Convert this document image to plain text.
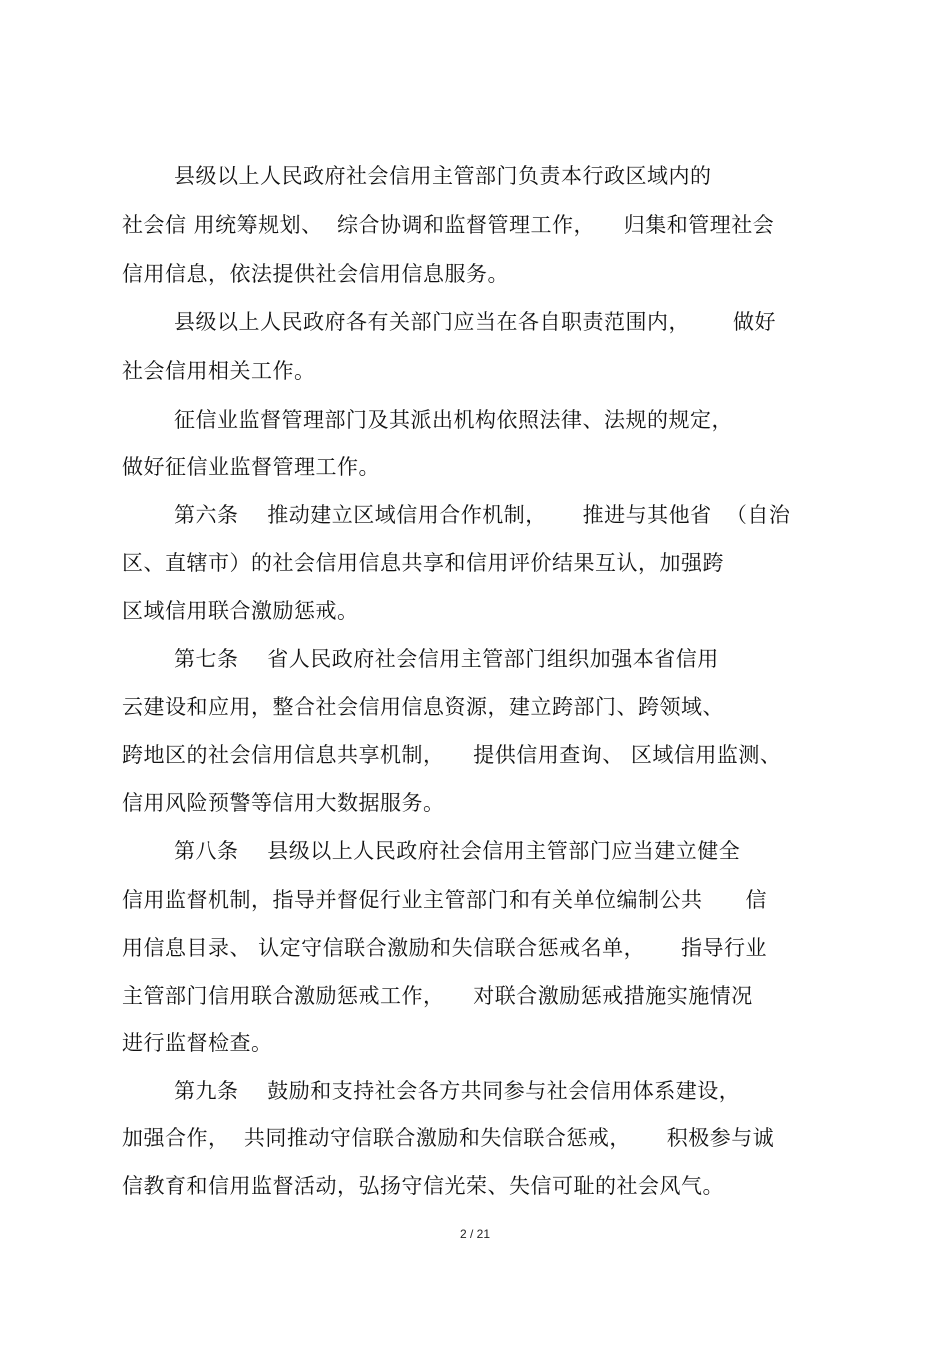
县级以上人民政府社会信用主管部门负责本行政区域内的
社会信 用统筹规划、  综合协调和监督管理工作，    归集和管理社会
信用信息，依法提供社会信用信息服务。
县级以上人民政府各有关部门应当在各自职责范围内，      做好
社会信用相关工作。
征信业监督管理部门及其派出机构依照法律、法规的规定，
做好征信业监督管理工作。
第六条    推动建立区域信用合作机制，     推进与其他省  （自治
区、直辖市）的社会信用信息共享和信用评价结果互认，加强跨
区域信用联合激励惩戒。
第七条    省人民政府社会信用主管部门组织加强本省信用
云建设和应用，整合社会信用信息资源，建立跨部门、跨领域、
跨地区的社会信用信息共享机制，    提供信用查询、 区域信用监测、
信用风险预警等信用大数据服务。
第八条    县级以上人民政府社会信用主管部门应当建立健全
信用监督机制，指导并督促行业主管部门和有关单位编制公共      信
用信息目录、 认定守信联合激励和失信联合惩戒名单，     指导行业
主管部门信用联合激励惩戒工作，    对联合激励惩戒措施实施情况
进行监督检查。
第九条    鼓励和支持社会各方共同参与社会信用体系建设，
加强合作，  共同推动守信联合激励和失信联合惩戒，     积极参与诚
信教育和信用监督活动，弘扬守信光荣、失信可耻的社会风气。
2 / 21
